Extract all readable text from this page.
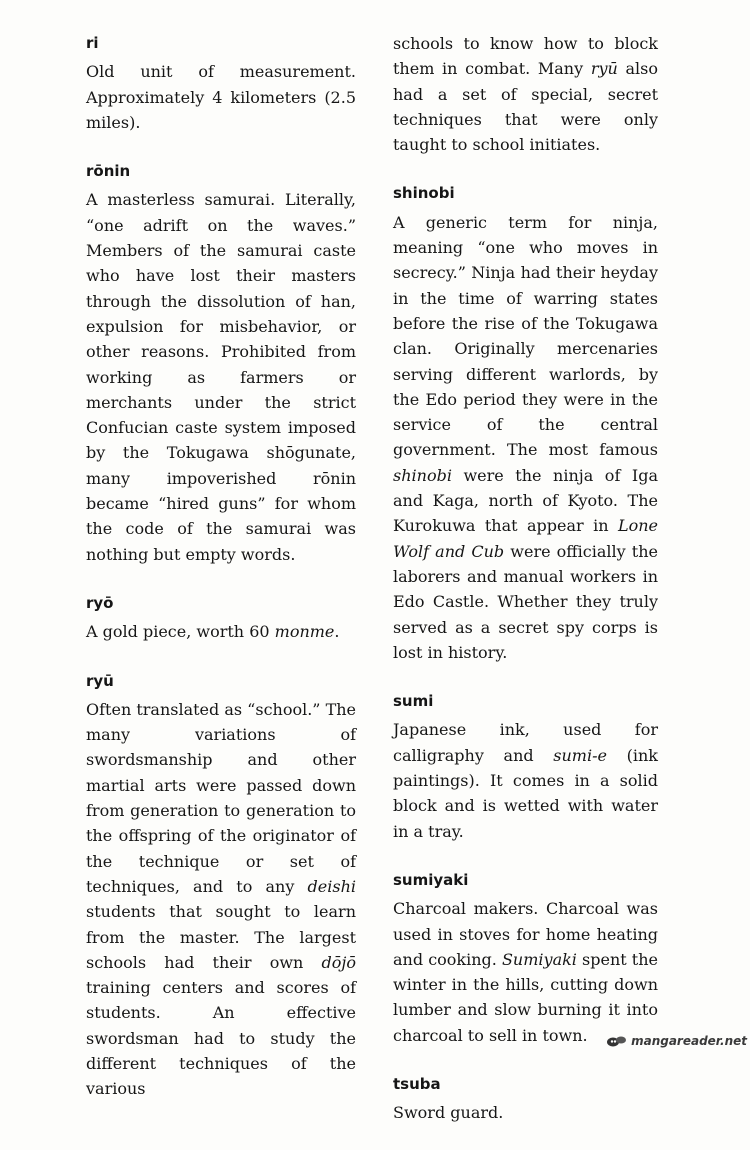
ri

Old unit of measurement. Approximately 4 kilometers (2.5 miles).

rōnin

A masterless samurai. Literally, “one adrift on the waves.” Members of the samurai caste who have lost their masters through the dissolution of han, expulsion for misbehavior, or other reasons. Prohibited from working as farmers or merchants under the strict Confucian caste system imposed by the Tokugawa shōgunate, many impoverished rōnin became “hired guns” for whom the code of the samurai was nothing but empty words.

ryō

A gold piece, worth 60 monme.

ryū

Often translated as “school.” The many variations of swordsmanship and other martial arts were passed down from generation to generation to the offspring of the originator of the technique or set of techniques, and to any deishi students that sought to learn from the master. The largest schools had their own dōjō training centers and scores of students. An effective swordsman had to study the different techniques of the various

schools to know how to block them in combat. Many ryū also had a set of special, secret techniques that were only taught to school initiates.

shinobi

A generic term for ninja, meaning “one who moves in secrecy.” Ninja had their heyday in the time of warring states before the rise of the Tokugawa clan. Originally mercenaries serving different warlords, by the Edo period they were in the service of the central government. The most famous shinobi were the ninja of Iga and Kaga, north of Kyoto. The Kurokuwa that appear in Lone Wolf and Cub were officially the laborers and manual workers in Edo Castle. Whether they truly served as a secret spy corps is lost in history.

sumi

Japanese ink, used for calligraphy and sumi-e (ink paintings). It comes in a solid block and is wetted with water in a tray.

sumiyaki

Charcoal makers. Charcoal was used in stoves for home heating and cooking. Sumiyaki spent the winter in the hills, cutting down lumber and slow burning it into charcoal to sell in town.

tsuba

Sword guard.

mangareader.net
